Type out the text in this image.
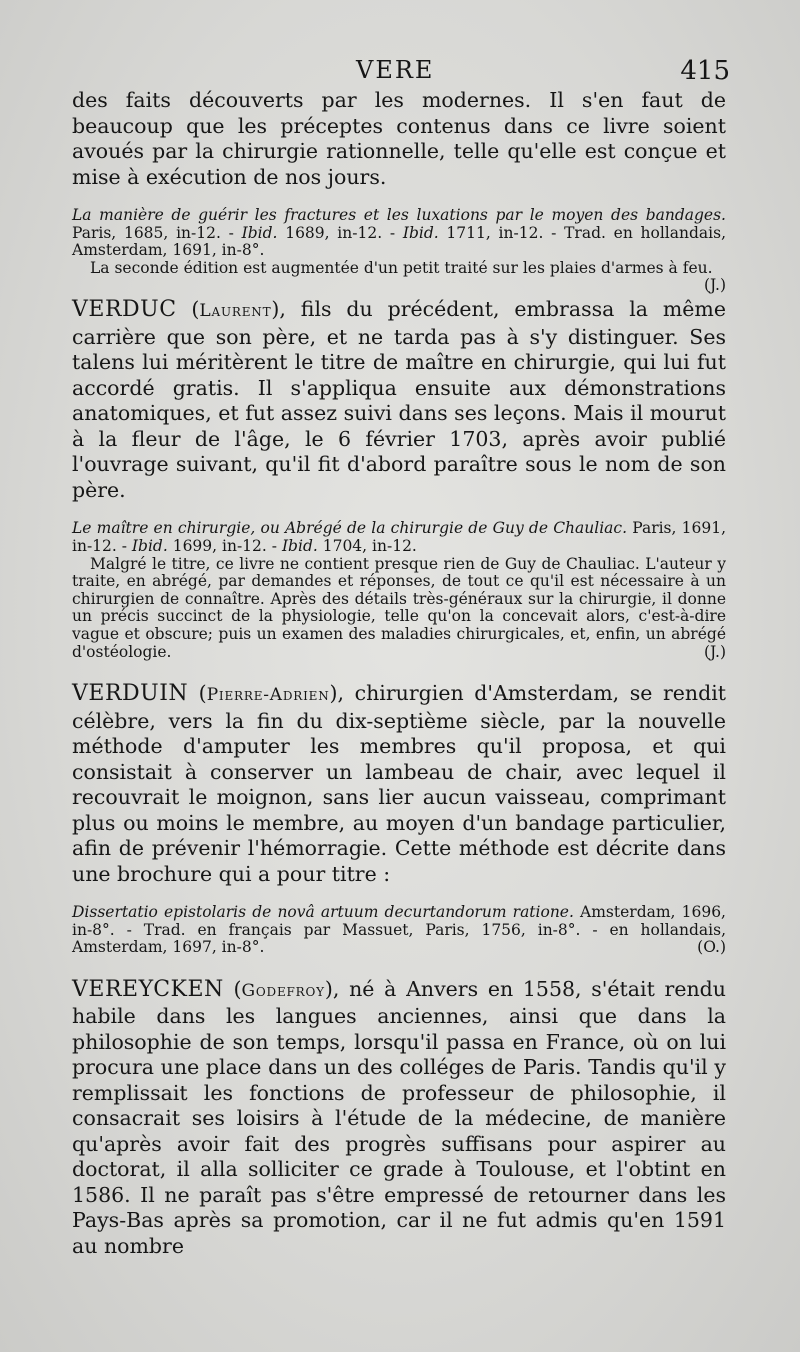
VERE	415

des faits découverts par les modernes. Il s'en faut de beaucoup que les préceptes contenus dans ce livre soient avoués par la chirurgie rationnelle, telle qu'elle est conçue et mise à exécution de nos jours.

La manière de guérir les fractures et les luxations par le moyen des bandages. Paris, 1685, in-12. - Ibid. 1689, in-12. - Ibid. 1711, in-12. - Trad. en hollandais, Amsterdam, 1691, in-8°.

La seconde édition est augmentée d'un petit traité sur les plaies d'armes à feu.
(J.)

VERDUC (Laurent), fils du précédent, embrassa la même carrière que son père, et ne tarda pas à s'y distinguer. Ses talens lui méritèrent le titre de maître en chirurgie, qui lui fut accordé gratis. Il s'appliqua ensuite aux démonstrations anatomiques, et fut assez suivi dans ses leçons. Mais il mourut à la fleur de l'âge, le 6 février 1703, après avoir publié l'ouvrage suivant, qu'il fit d'abord paraître sous le nom de son père.

Le maître en chirurgie, ou Abrégé de la chirurgie de Guy de Chauliac. Paris, 1691, in-12. - Ibid. 1699, in-12. - Ibid. 1704, in-12.

Malgré le titre, ce livre ne contient presque rien de Guy de Chauliac. L'auteur y traite, en abrégé, par demandes et réponses, de tout ce qu'il est nécessaire à un chirurgien de connaître. Après des détails très-généraux sur la chirurgie, il donne un précis succinct de la physiologie, telle qu'on la concevait alors, c'est-à-dire vague et obscure; puis un examen des maladies chirurgicales, et, enfin, un abrégé d'ostéologie.	(J.)

VERDUIN (Pierre-Adrien), chirurgien d'Amsterdam, se rendit célèbre, vers la fin du dix-septième siècle, par la nouvelle méthode d'amputer les membres qu'il proposa, et qui consistait à conserver un lambeau de chair, avec lequel il recouvrait le moignon, sans lier aucun vaisseau, comprimant plus ou moins le membre, au moyen d'un bandage particulier, afin de prévenir l'hémorragie. Cette méthode est décrite dans une brochure qui a pour titre :

Dissertatio epistolaris de novâ artuum decurtandorum ratione. Amsterdam, 1696, in-8°. - Trad. en français par Massuet, Paris, 1756, in-8°. - en hollandais, Amsterdam, 1697, in-8°.	(O.)

VEREYCKEN (Godefroy), né à Anvers en 1558, s'était rendu habile dans les langues anciennes, ainsi que dans la philosophie de son temps, lorsqu'il passa en France, où on lui procura une place dans un des colléges de Paris. Tandis qu'il y remplissait les fonctions de professeur de philosophie, il consacrait ses loisirs à l'étude de la médecine, de manière qu'après avoir fait des progrès suffisans pour aspirer au doctorat, il alla solliciter ce grade à Toulouse, et l'obtint en 1586. Il ne paraît pas s'être empressé de retourner dans les Pays-Bas après sa promotion, car il ne fut admis qu'en 1591 au nombre
